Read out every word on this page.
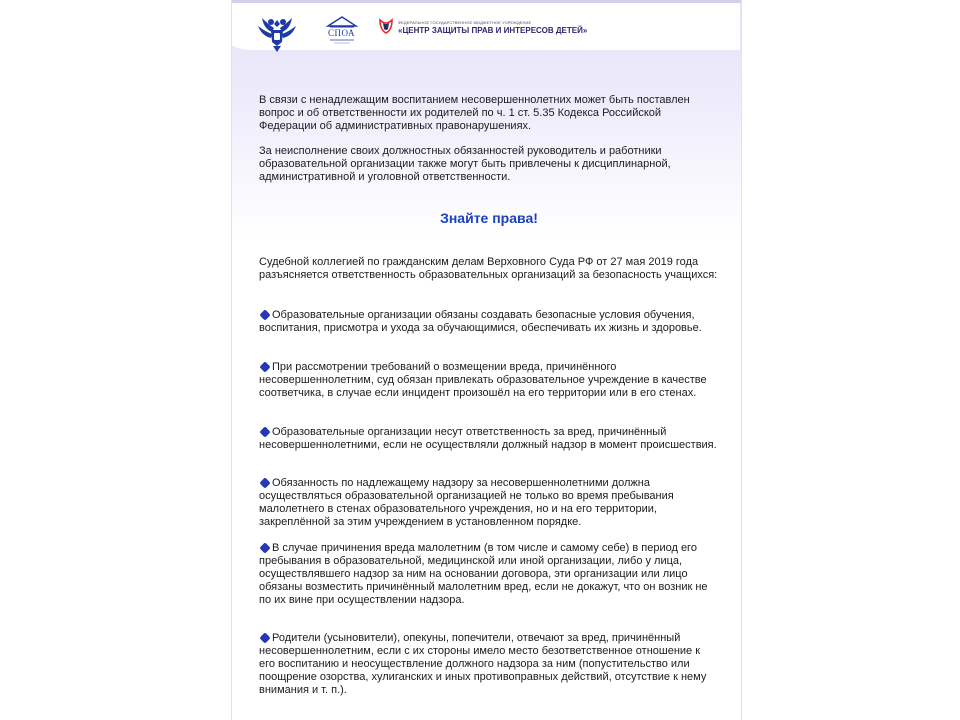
СПОА
ФЕДЕРАЛЬНОЕ ГОСУДАРСТВЕННОЕ БЮДЖЕТНОЕ УЧРЕЖДЕНИЕ
«ЦЕНТР ЗАЩИТЫ ПРАВ И ИНТЕРЕСОВ ДЕТЕЙ»

В связи с ненадлежащим воспитанием несовершеннолетних может быть поставлен вопрос и об ответственности их родителей по ч. 1 ст. 5.35 Кодекса Российской Федерации об административных правонарушениях.

За неисполнение своих должностных обязанностей руководитель и работники образовательной организации также могут быть привлечены к дисциплинарной, административной и уголовной ответственности.

Знайте права!

Судебной коллегией по гражданским делам Верховного Суда РФ от 27 мая 2019 года разъясняется ответственность образовательных организаций за безопасность учащихся:

Образовательные организации обязаны создавать безопасные условия обучения, воспитания, присмотра и ухода за обучающимися, обеспечивать их жизнь и здоровье.

При рассмотрении требований о возмещении вреда, причинённого несовершеннолетним, суд обязан привлекать образовательное учреждение в качестве соответчика, в случае если инцидент произошёл на его территории или в его стенах.

Образовательные организации несут ответственность за вред, причинённый несовершеннолетними, если не осуществляли должный надзор в момент происшествия.

Обязанность по надлежащему надзору за несовершеннолетними должна осуществляться образовательной организацией не только во время пребывания малолетнего в стенах образовательного учреждения, но и на его территории, закреплённой за этим учреждением в установленном порядке.

В случае причинения вреда малолетним (в том числе и самому себе) в период его пребывания в образовательной, медицинской или иной организации, либо у лица, осуществлявшего надзор за ним на основании договора, эти организации или лицо обязаны возместить причинённый малолетним вред, если не докажут, что он возник не по их вине при осуществлении надзора.

Родители (усыновители), опекуны, попечители, отвечают за вред, причинённый несовершеннолетним, если с их стороны имело место безответственное отношение к его воспитанию и неосуществление должного надзора за ним (попустительство или поощрение озорства, хулиганских и иных противоправных действий, отсутствие к нему внимания и т. п.).
